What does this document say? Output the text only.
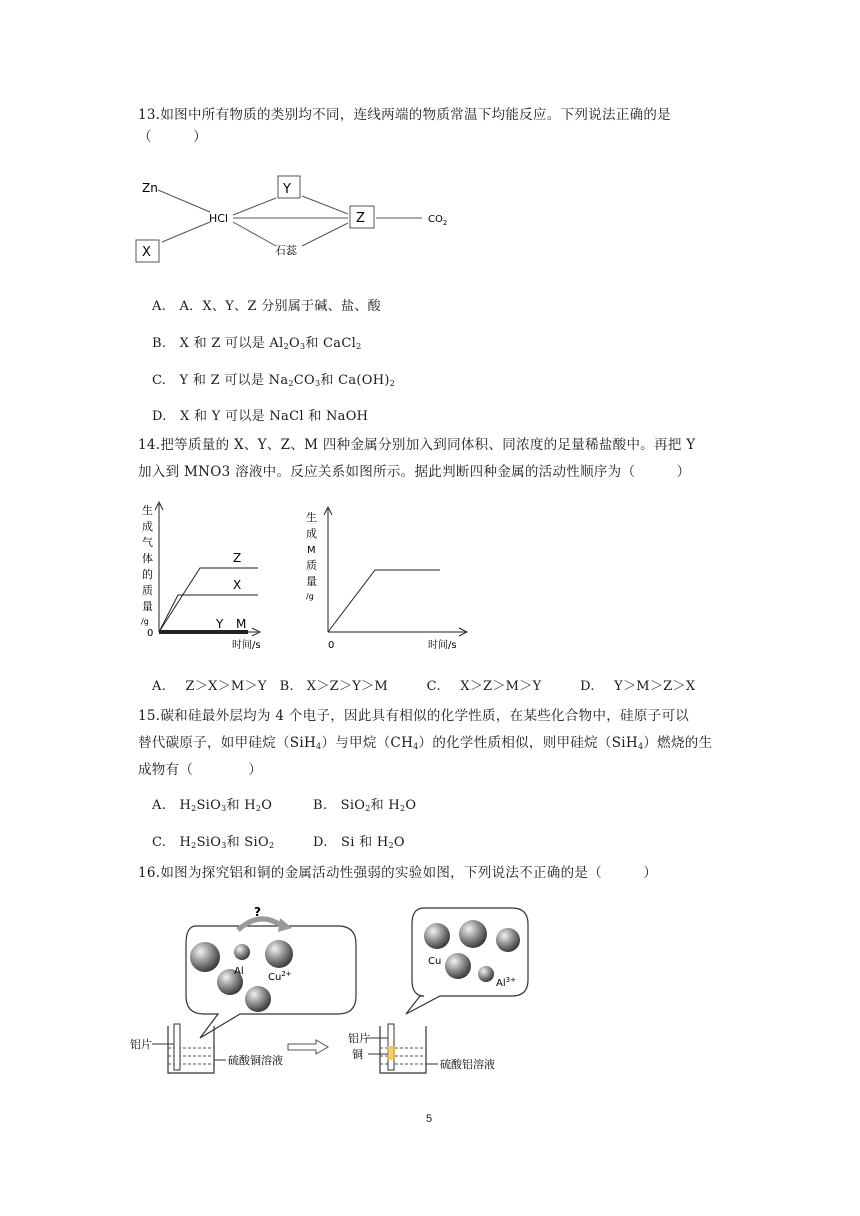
13.如图中所有物质的类别均不同，连线两端的物质常温下均能反应。下列说法正确的是
（　　　）
Zn
HCl
Y
Z
X	石蕊
$CO_2$
A. A．X、Y、Z 分别属于碱、盐、酸
B. X 和 Z 可以是 $Al_2O_3$和 CaCl$_2$
C. Y 和 Z 可以是 $Na_2CO_3$和 $Ca(OH)_2$
D. X 和 Y 可以是 NaCl 和 NaOH
14.把等质量的 X、Y、Z、M 四种金属分别加入到同体积、同浓度的足量稀盐酸中。再把 Y
加入到 MNO3 溶液中。反应关系如图所示。据此判断四种金属的活动性顺序为（　　　）
生
成
气
体
的
质
量
/g
0
Z
X
Y M
时间/s
生
成
M
质
量
/g
0	时间/s
A. Z＞X＞M＞Y B. X＞Z＞Y＞M	C. X＞Z＞M＞Y	D. Y＞M＞Z＞X
15.碳和硅最外层均为 4 个电子，因此具有相似的化学性质，在某些化合物中，硅原子可以
替代碳原子，如甲硅烷（SiH$_4$）与甲烷$(CH_4)$的化学性质相似，则甲硅烷（SiH$_4$）燃烧的生
成物有（　　　　）
A. $H_2SiO_3$和 $H_2O$	B. SiO$_2$和 $H_2O$
C. $H_2SiO_3$和 SiO$_2$	D. Si 和 $H_2O$
16.如图为探究铝和铜的金属活动性强弱的实验如图，下列说法不正确的是（　　　）
?
Al
$Cu^{2+}$
铝片
硫酸铜溶液
Cu
$Al^{3+}$
铝片
铜
硫酸铝溶液
5
